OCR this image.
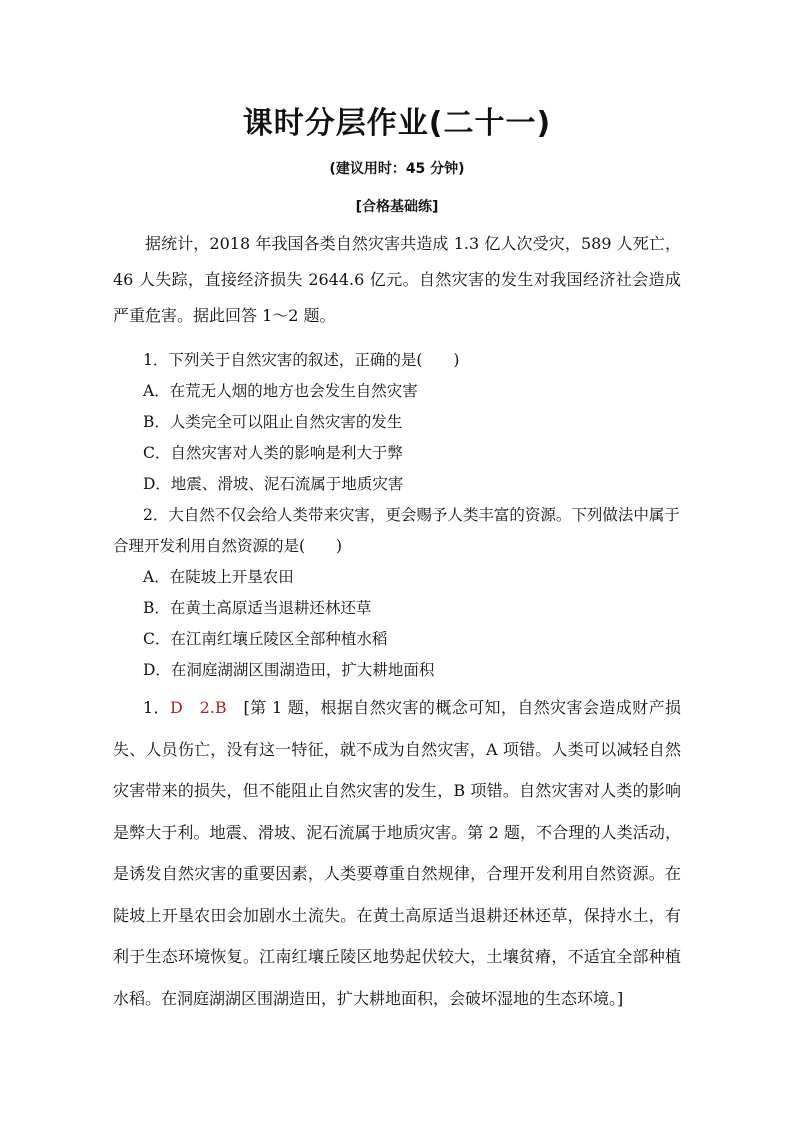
课时分层作业(二十一)
(建议用时：45 分钟)
[合格基础练]

据统计，2018 年我国各类自然灾害共造成 1.3 亿人次受灾，589 人死亡，46 人失踪，直接经济损失 2644.6 亿元。自然灾害的发生对我国经济社会造成严重危害。据此回答 1～2 题。

1．下列关于自然灾害的叙述，正确的是(　　)
A．在荒无人烟的地方也会发生自然灾害
B．人类完全可以阻止自然灾害的发生
C．自然灾害对人类的影响是利大于弊
D．地震、滑坡、泥石流属于地质灾害
2．大自然不仅会给人类带来灾害，更会赐予人类丰富的资源。下列做法中属于合理开发利用自然资源的是(　　)
A．在陡坡上开垦农田
B．在黄土高原适当退耕还林还草
C．在江南红壤丘陵区全部种植水稻
D．在洞庭湖湖区围湖造田，扩大耕地面积

1．D　 2.B　 [第 1 题，根据自然灾害的概念可知，自然灾害会造成财产损失、人员伤亡，没有这一特征，就不成为自然灾害，A 项错。人类可以减轻自然灾害带来的损失，但不能阻止自然灾害的发生，B 项错。自然灾害对人类的影响是弊大于利。地震、滑坡、泥石流属于地质灾害。第 2 题，不合理的人类活动，是诱发自然灾害的重要因素，人类要尊重自然规律，合理开发利用自然资源。在陡坡上开垦农田会加剧水土流失。在黄土高原适当退耕还林还草，保持水土，有利于生态环境恢复。江南红壤丘陵区地势起伏较大，土壤贫瘠，不适宜全部种植水稻。在洞庭湖湖区围湖造田，扩大耕地面积，会破坏湿地的生态环境。]
